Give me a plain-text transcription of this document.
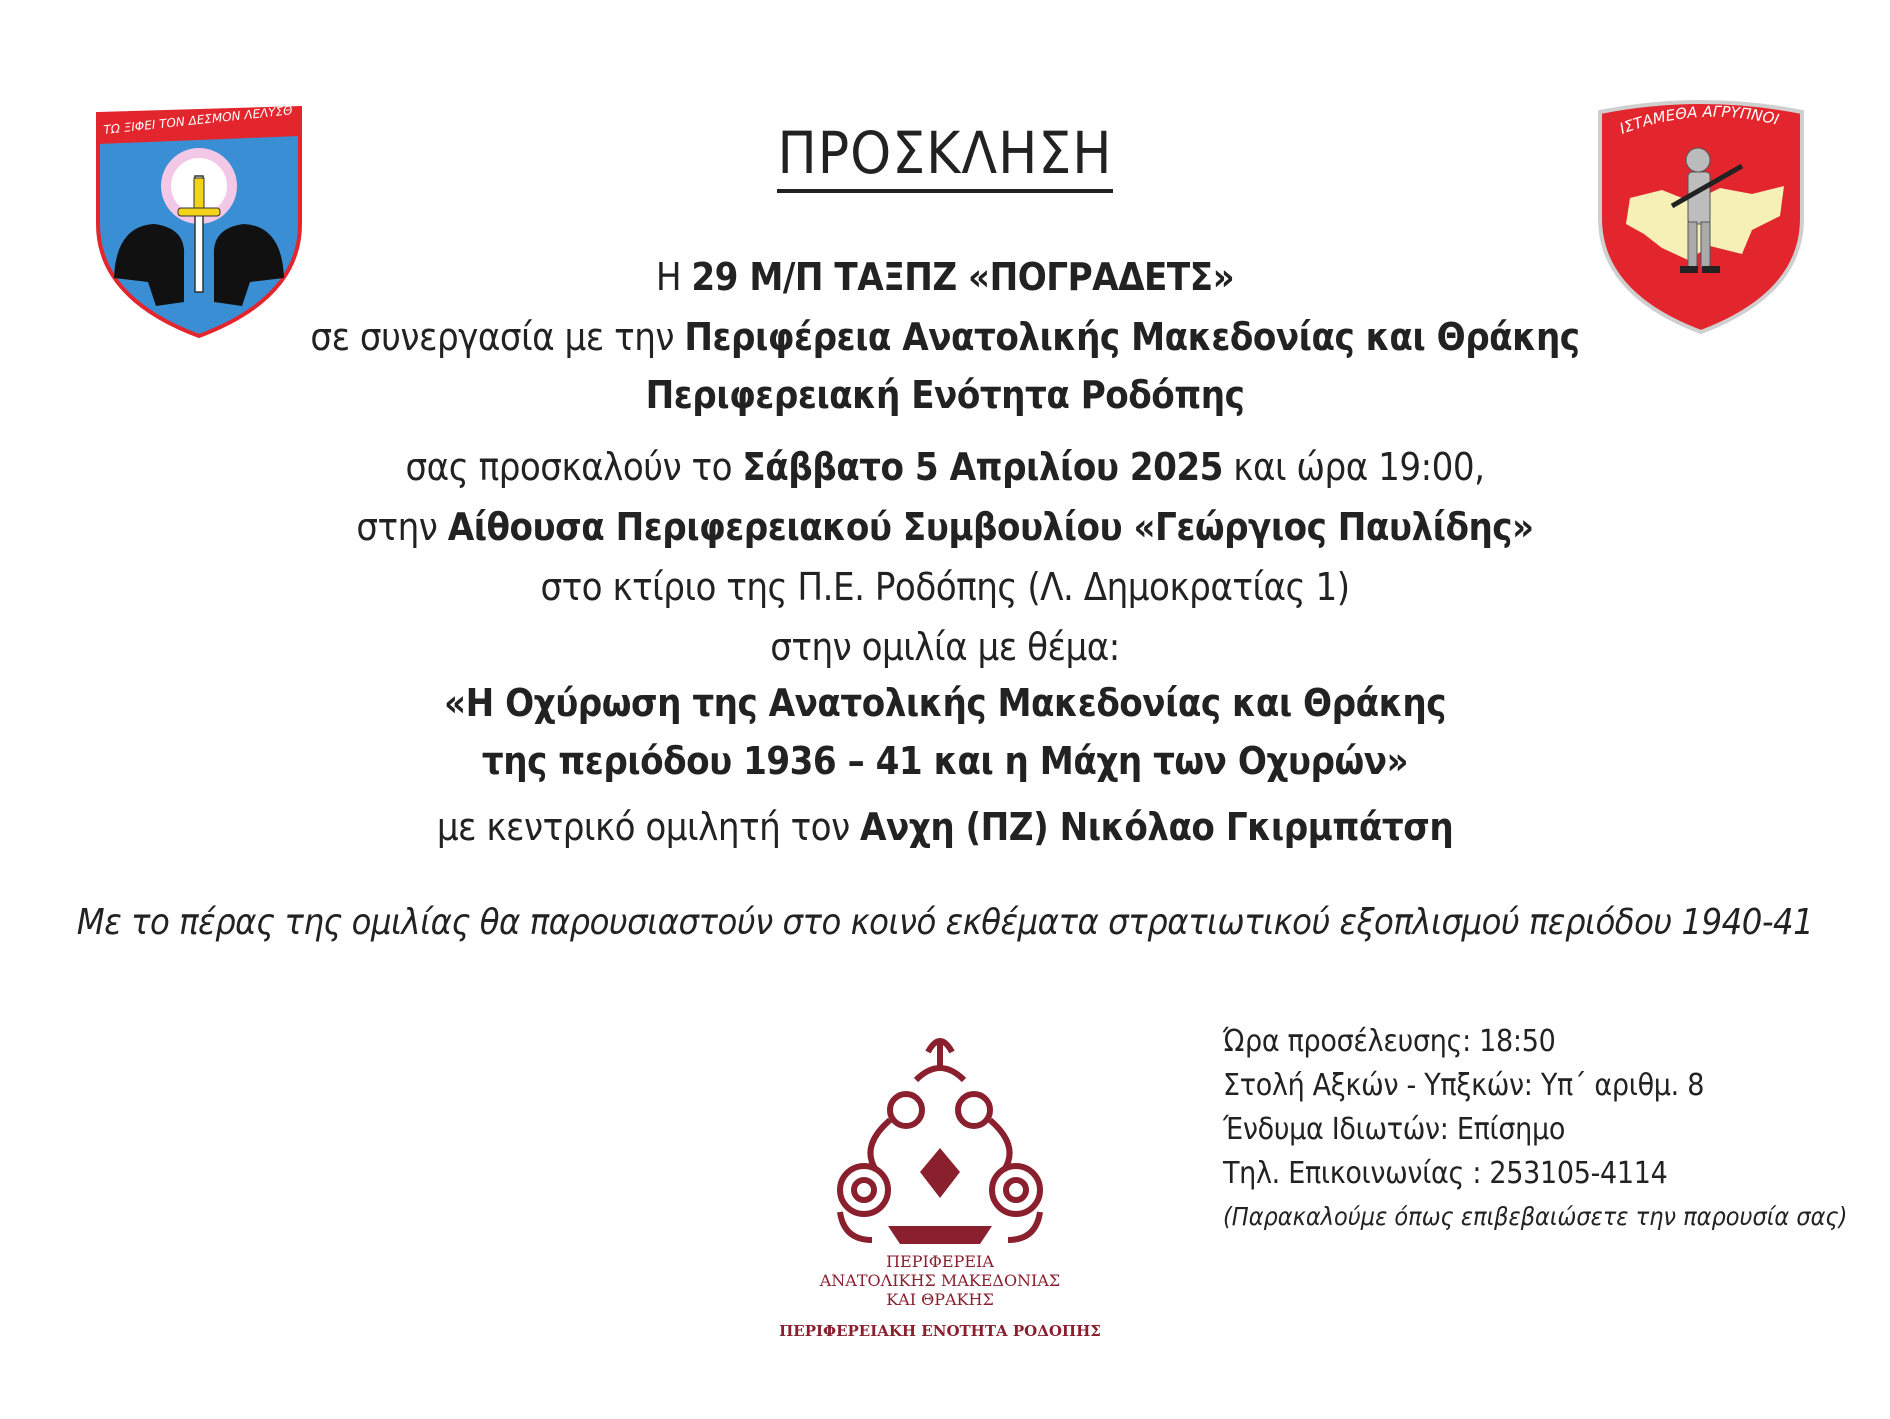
ΤΩ ΞΙΦΕΙ ΤΟΝ ΔΕΣΜΟΝ ΛΕΛΥΣΘ
ΙΣΤΑΜΕΘΑ ΑΓΡΥΠΝΟΙ
ΠΡΟΣΚΛΗΣΗ
Η 29 Μ/Π ΤΑΞΠΖ «ΠΟΓΡΑΔΕΤΣ»
σε συνεργασία με την Περιφέρεια Ανατολικής Μακεδονίας και Θράκης
Περιφερειακή Ενότητα Ροδόπης
σας προσκαλούν το Σάββατο 5 Απριλίου 2025 και ώρα 19:00,
στην Αίθουσα Περιφερειακού Συμβουλίου «Γεώργιος Παυλίδης»
στο κτίριο της Π.Ε. Ροδόπης (Λ. Δημοκρατίας 1)
στην ομιλία με θέμα:
«Η Οχύρωση της Ανατολικής Μακεδονίας και Θράκης
της περιόδου 1936 – 41 και η Μάχη των Οχυρών»
με κεντρικό ομιλητή τον Ανχη (ΠΖ) Νικόλαο Γκιρμπάτση
Με το πέρας της ομιλίας θα παρουσιαστούν στο κοινό εκθέματα στρατιωτικού εξοπλισμού περιόδου 1940-41
ΠΕΡΙΦΕΡΕΙΑ
ΑΝΑΤΟΛΙΚΗΣ ΜΑΚΕΔΟΝΙΑΣ
ΚΑΙ ΘΡΑΚΗΣ
ΠΕΡΙΦΕΡΕΙΑΚΗ ΕΝΟΤΗΤΑ ΡΟΔΟΠΗΣ
Ώρα προσέλευσης: 18:50
Στολή Αξκών - Υπξκών: Υπ΄ αριθμ. 8
Ένδυμα Ιδιωτών: Επίσημο
Τηλ. Επικοινωνίας : 253105-4114
(Παρακαλούμε όπως επιβεβαιώσετε την παρουσία σας)
